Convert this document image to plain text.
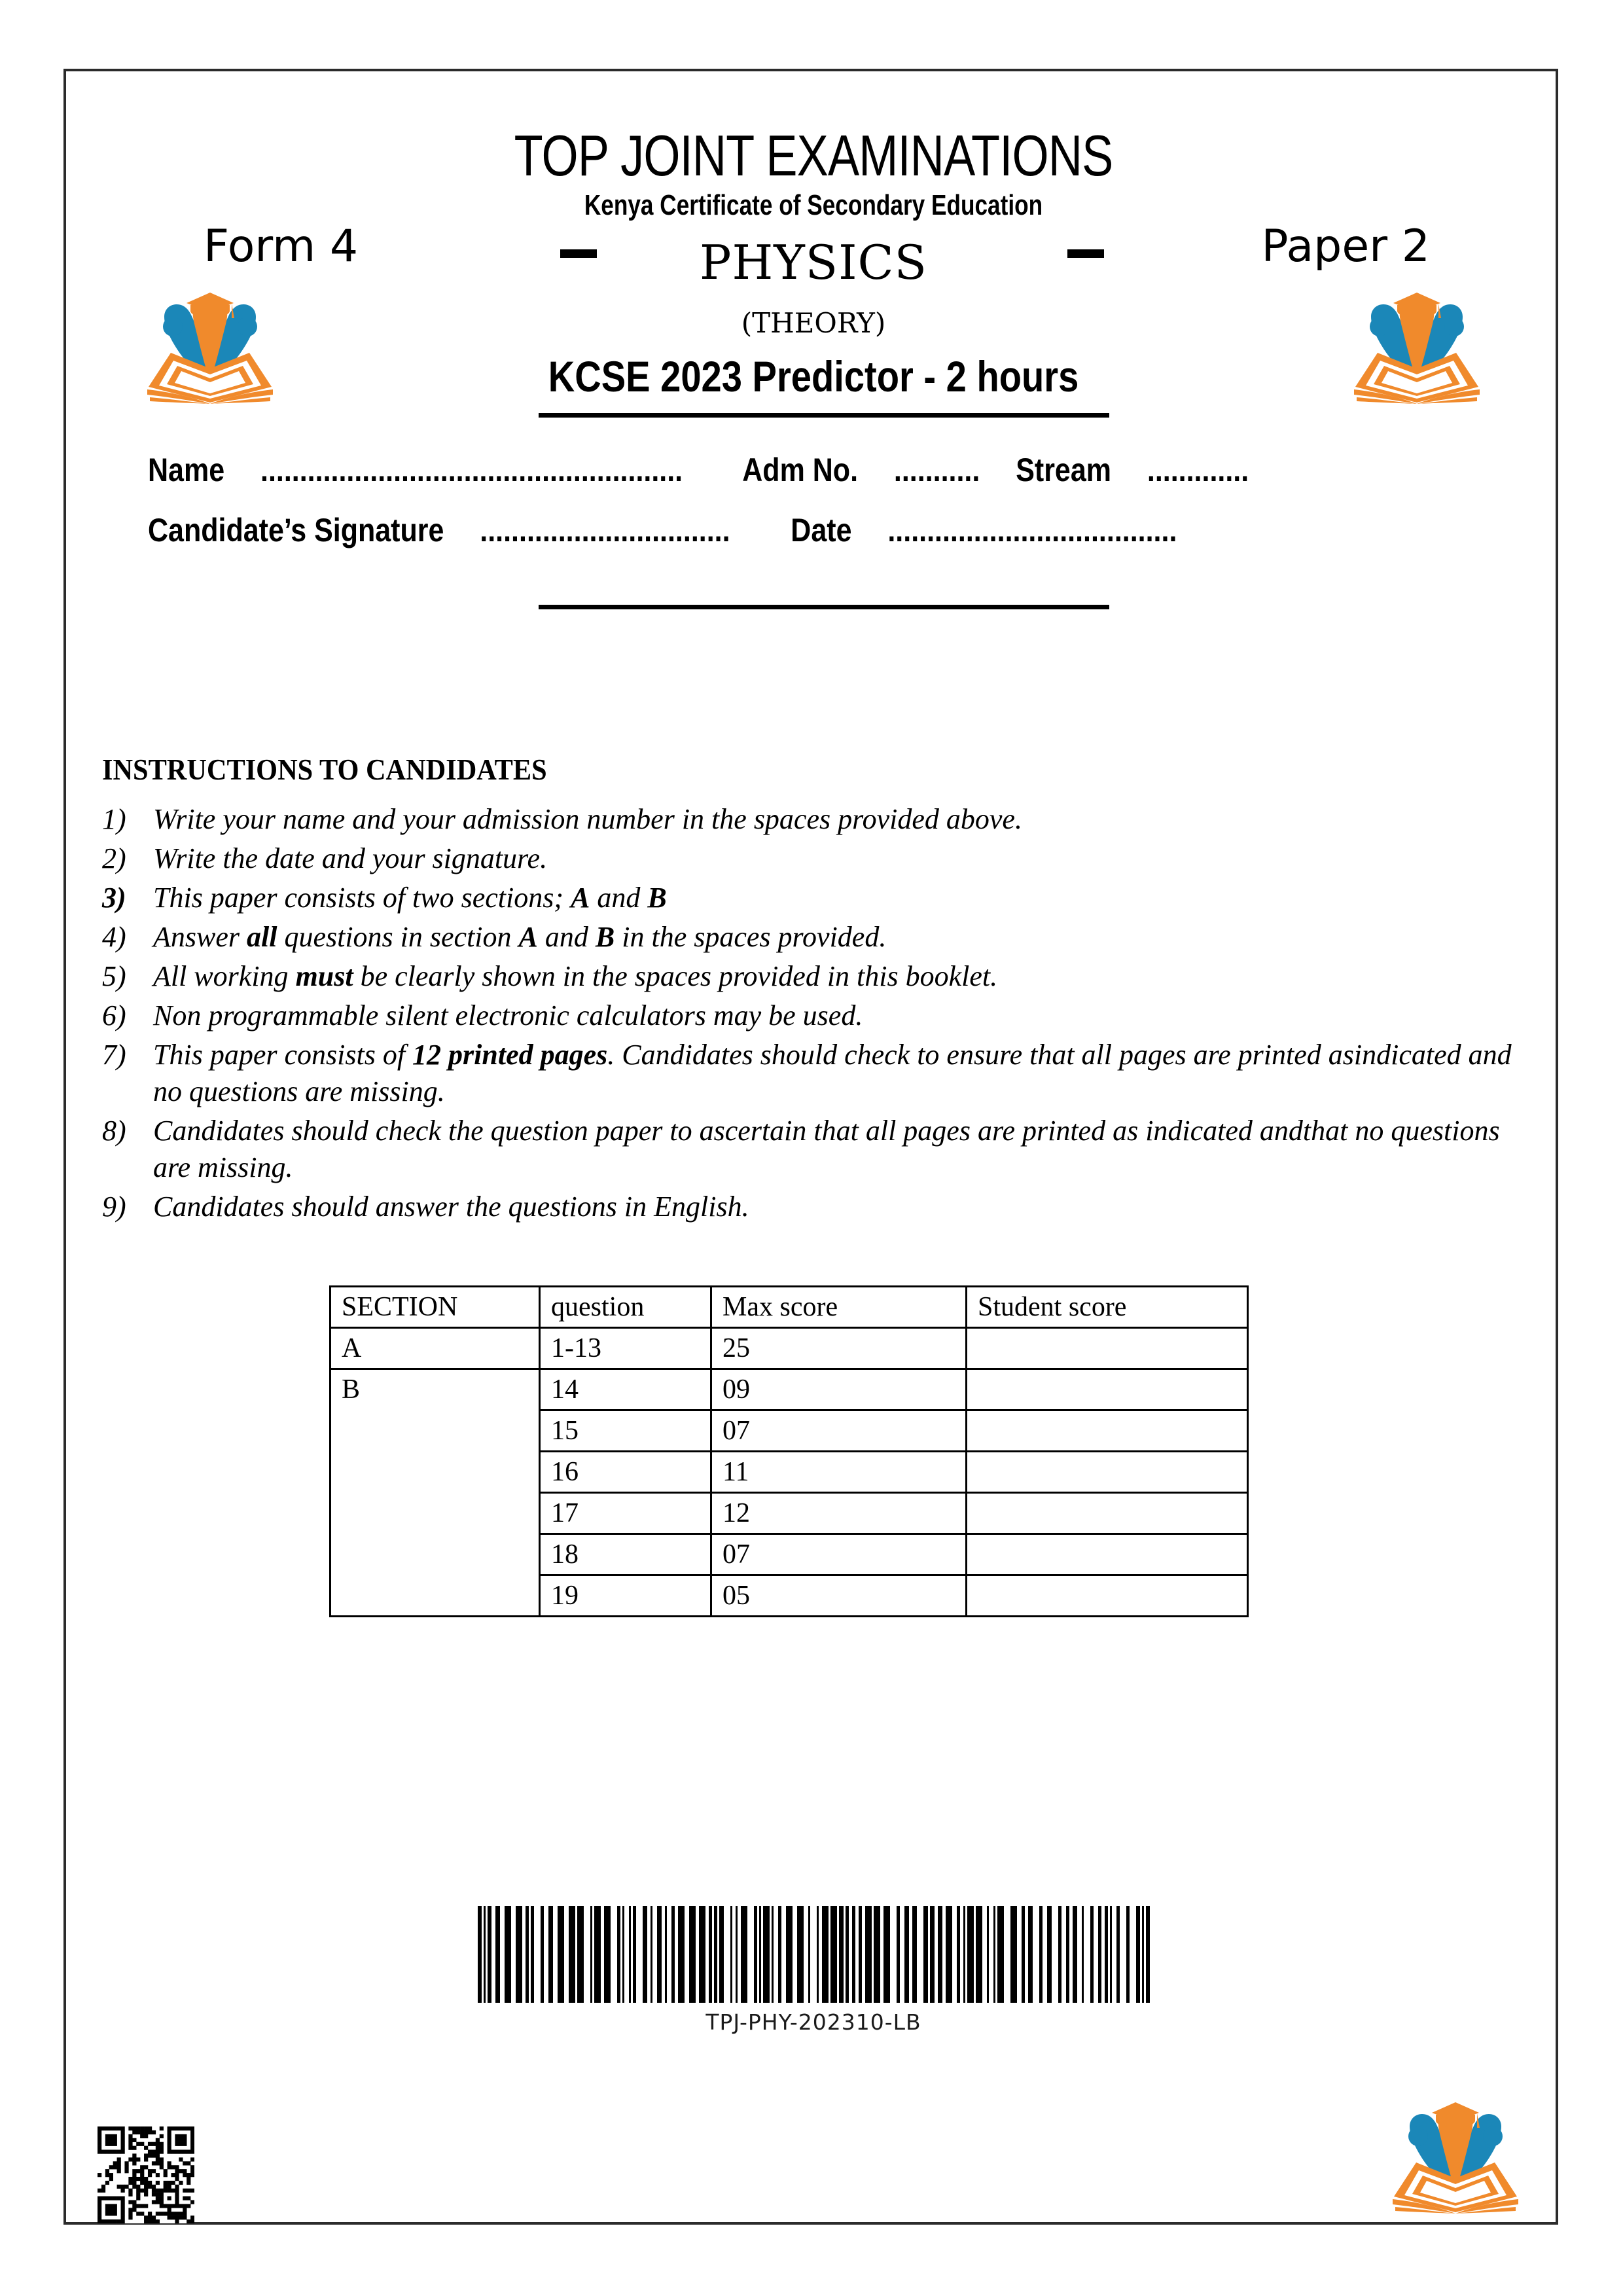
TOP JOINT EXAMINATIONS
Kenya Certificate of Secondary Education
Form 4	PHYSICS	Paper 2
(THEORY)
KCSE 2023 Predictor - 2 hours
Name ...................................................... Adm No. ........... Stream .............
Candidate’s Signature ................................ Date .....................................
INSTRUCTIONS TO CANDIDATES
1) Write your name and your admission number in the spaces provided above.
2) Write the date and your signature.
3) This paper consists of two sections; A and B
4) Answer all questions in section A and B in the spaces provided.
5) All working must be clearly shown in the spaces provided in this booklet.
6) Non programmable silent electronic calculators may be used.
7) This paper consists of 12 printed pages. Candidates should check to ensure that all pages are printed asindicated and no questions are missing.
8) Candidates should check the question paper to ascertain that all pages are printed as indicated andthat no questions are missing.
9) Candidates should answer the questions in English.
SECTION	question	Max score	Student score
A	1-13	25	
B	14	09	
	15	07	
	16	11	
	17	12	
	18	07	
	19	05	
TPJ-PHY-202310-LB
